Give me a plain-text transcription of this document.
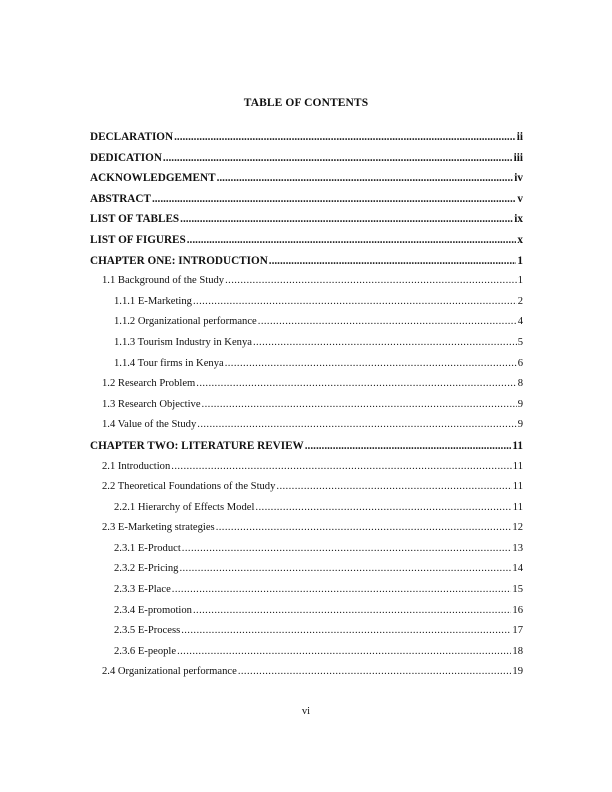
TABLE OF CONTENTS
DECLARATION .....	ii
DEDICATION .....	iii
ACKNOWLEDGEMENT .....	iv
ABSTRACT .....	v
LIST OF TABLES .....	ix
LIST OF FIGURES .....	x
CHAPTER ONE: INTRODUCTION .....	1
1.1 Background of the Study .....	1
1.1.1 E-Marketing .....	2
1.1.2 Organizational performance .....	4
1.1.3 Tourism Industry in Kenya .....	5
1.1.4 Tour firms in Kenya .....	6
1.2 Research Problem .....	8
1.3 Research Objective .....	9
1.4 Value of the Study .....	9
CHAPTER TWO: LITERATURE REVIEW .....	11
2.1 Introduction .....	11
2.2 Theoretical Foundations of the Study .....	11
2.2.1 Hierarchy of Effects Model .....	11
2.3 E-Marketing strategies .....	12
2.3.1 E-Product .....	13
2.3.2 E-Pricing .....	14
2.3.3 E-Place .....	15
2.3.4 E-promotion .....	16
2.3.5 E-Process .....	17
2.3.6 E-people .....	18
2.4 Organizational performance .....	19
vi
